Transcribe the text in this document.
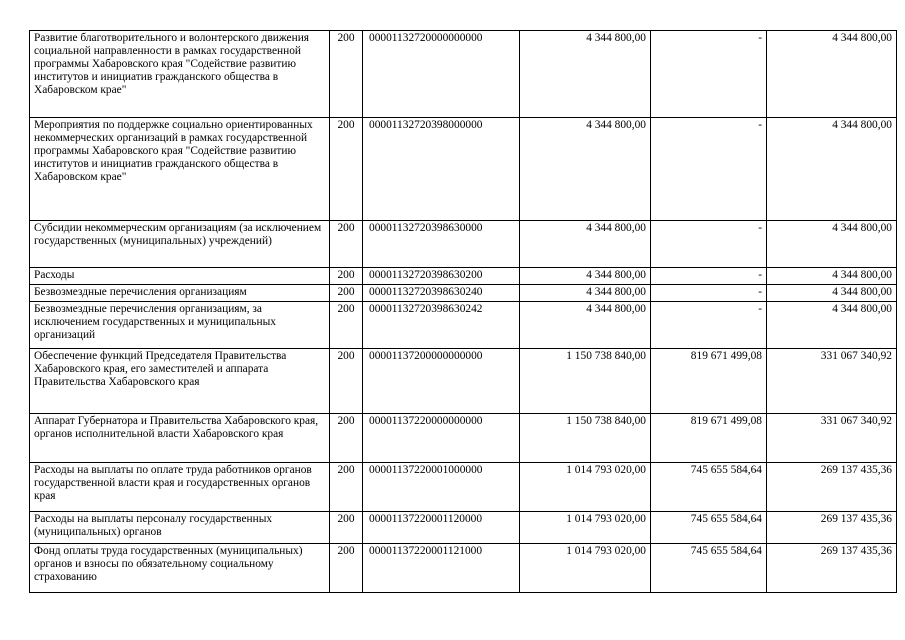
Развитие благотворительного и волонтерского движения социальной направленности в рамках государственной программы Хабаровского края "Содействие развитию институтов и инициатив гражданского общества в Хабаровском крае"	200	00001132720000000000	4 344 800,00	-	4 344 800,00
Мероприятия по поддержке социально ориентированных некоммерческих организаций в рамках государственной программы Хабаровского края "Содействие развитию институтов и инициатив гражданского общества в Хабаровском крае"	200	00001132720398000000	4 344 800,00	-	4 344 800,00
Субсидии некоммерческим организациям (за исключением государственных (муниципальных) учреждений)	200	00001132720398630000	4 344 800,00	-	4 344 800,00
Расходы	200	00001132720398630200	4 344 800,00	-	4 344 800,00
Безвозмездные перечисления организациям	200	00001132720398630240	4 344 800,00	-	4 344 800,00
Безвозмездные перечисления организациям, за исключением государственных и муниципальных организаций	200	00001132720398630242	4 344 800,00	-	4 344 800,00
Обеспечение функций Председателя Правительства Хабаровского края, его заместителей и аппарата Правительства Хабаровского края	200	00001137200000000000	1 150 738 840,00	819 671 499,08	331 067 340,92
Аппарат Губернатора и Правительства Хабаровского края, органов исполнительной власти Хабаровского края	200	00001137220000000000	1 150 738 840,00	819 671 499,08	331 067 340,92
Расходы на выплаты по оплате труда работников органов государственной власти края и государственных органов края	200	00001137220001000000	1 014 793 020,00	745 655 584,64	269 137 435,36
Расходы на выплаты персоналу государственных (муниципальных) органов	200	00001137220001120000	1 014 793 020,00	745 655 584,64	269 137 435,36
Фонд оплаты труда государственных (муниципальных) органов и взносы по обязательному социальному страхованию	200	00001137220001121000	1 014 793 020,00	745 655 584,64	269 137 435,36
